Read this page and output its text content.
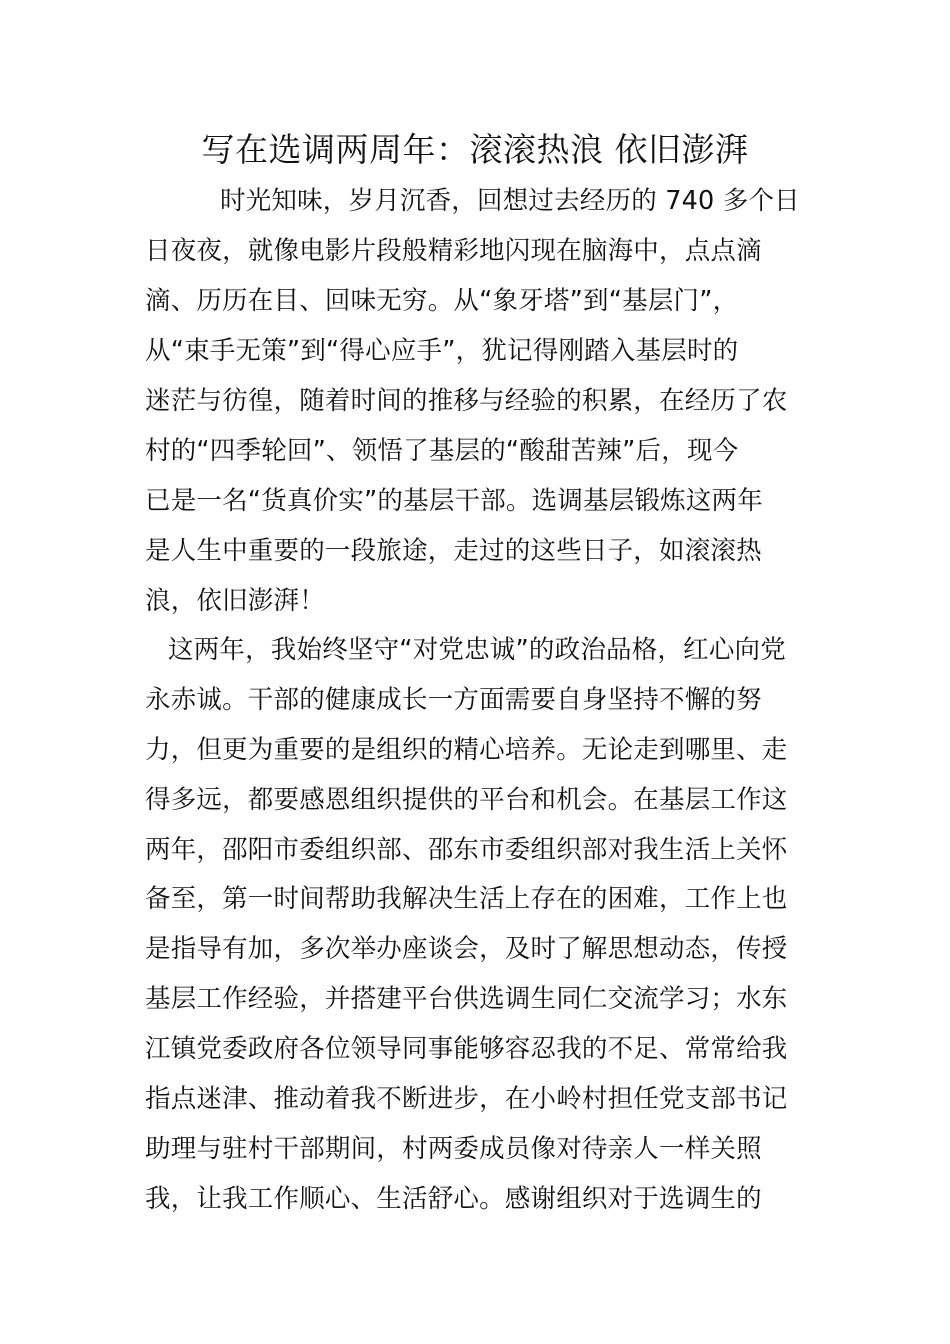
写在选调两周年：滚滚热浪 依旧澎湃
时光知味，岁月沉香，回想过去经历的 740 多个日
日夜夜，就像电影片段般精彩地闪现在脑海中，点点滴
滴、历历在目、回味无穷。从“象牙塔”到“基层门”，
从“束手无策”到“得心应手”，犹记得刚踏入基层时的
迷茫与彷徨，随着时间的推移与经验的积累，在经历了农
村的“四季轮回”、领悟了基层的“酸甜苦辣”后，现今
已是一名“货真价实”的基层干部。选调基层锻炼这两年
是人生中重要的一段旅途，走过的这些日子，如滚滚热
浪，依旧澎湃！
这两年，我始终坚守“对党忠诚”的政治品格，红心向党
永赤诚。干部的健康成长一方面需要自身坚持不懈的努
力，但更为重要的是组织的精心培养。无论走到哪里、走
得多远，都要感恩组织提供的平台和机会。在基层工作这
两年，邵阳市委组织部、邵东市委组织部对我生活上关怀
备至，第一时间帮助我解决生活上存在的困难，工作上也
是指导有加，多次举办座谈会，及时了解思想动态，传授
基层工作经验，并搭建平台供选调生同仁交流学习；水东
江镇党委政府各位领导同事能够容忍我的不足、常常给我
指点迷津、推动着我不断进步，在小岭村担任党支部书记
助理与驻村干部期间，村两委成员像对待亲人一样关照
我，让我工作顺心、生活舒心。感谢组织对于选调生的
